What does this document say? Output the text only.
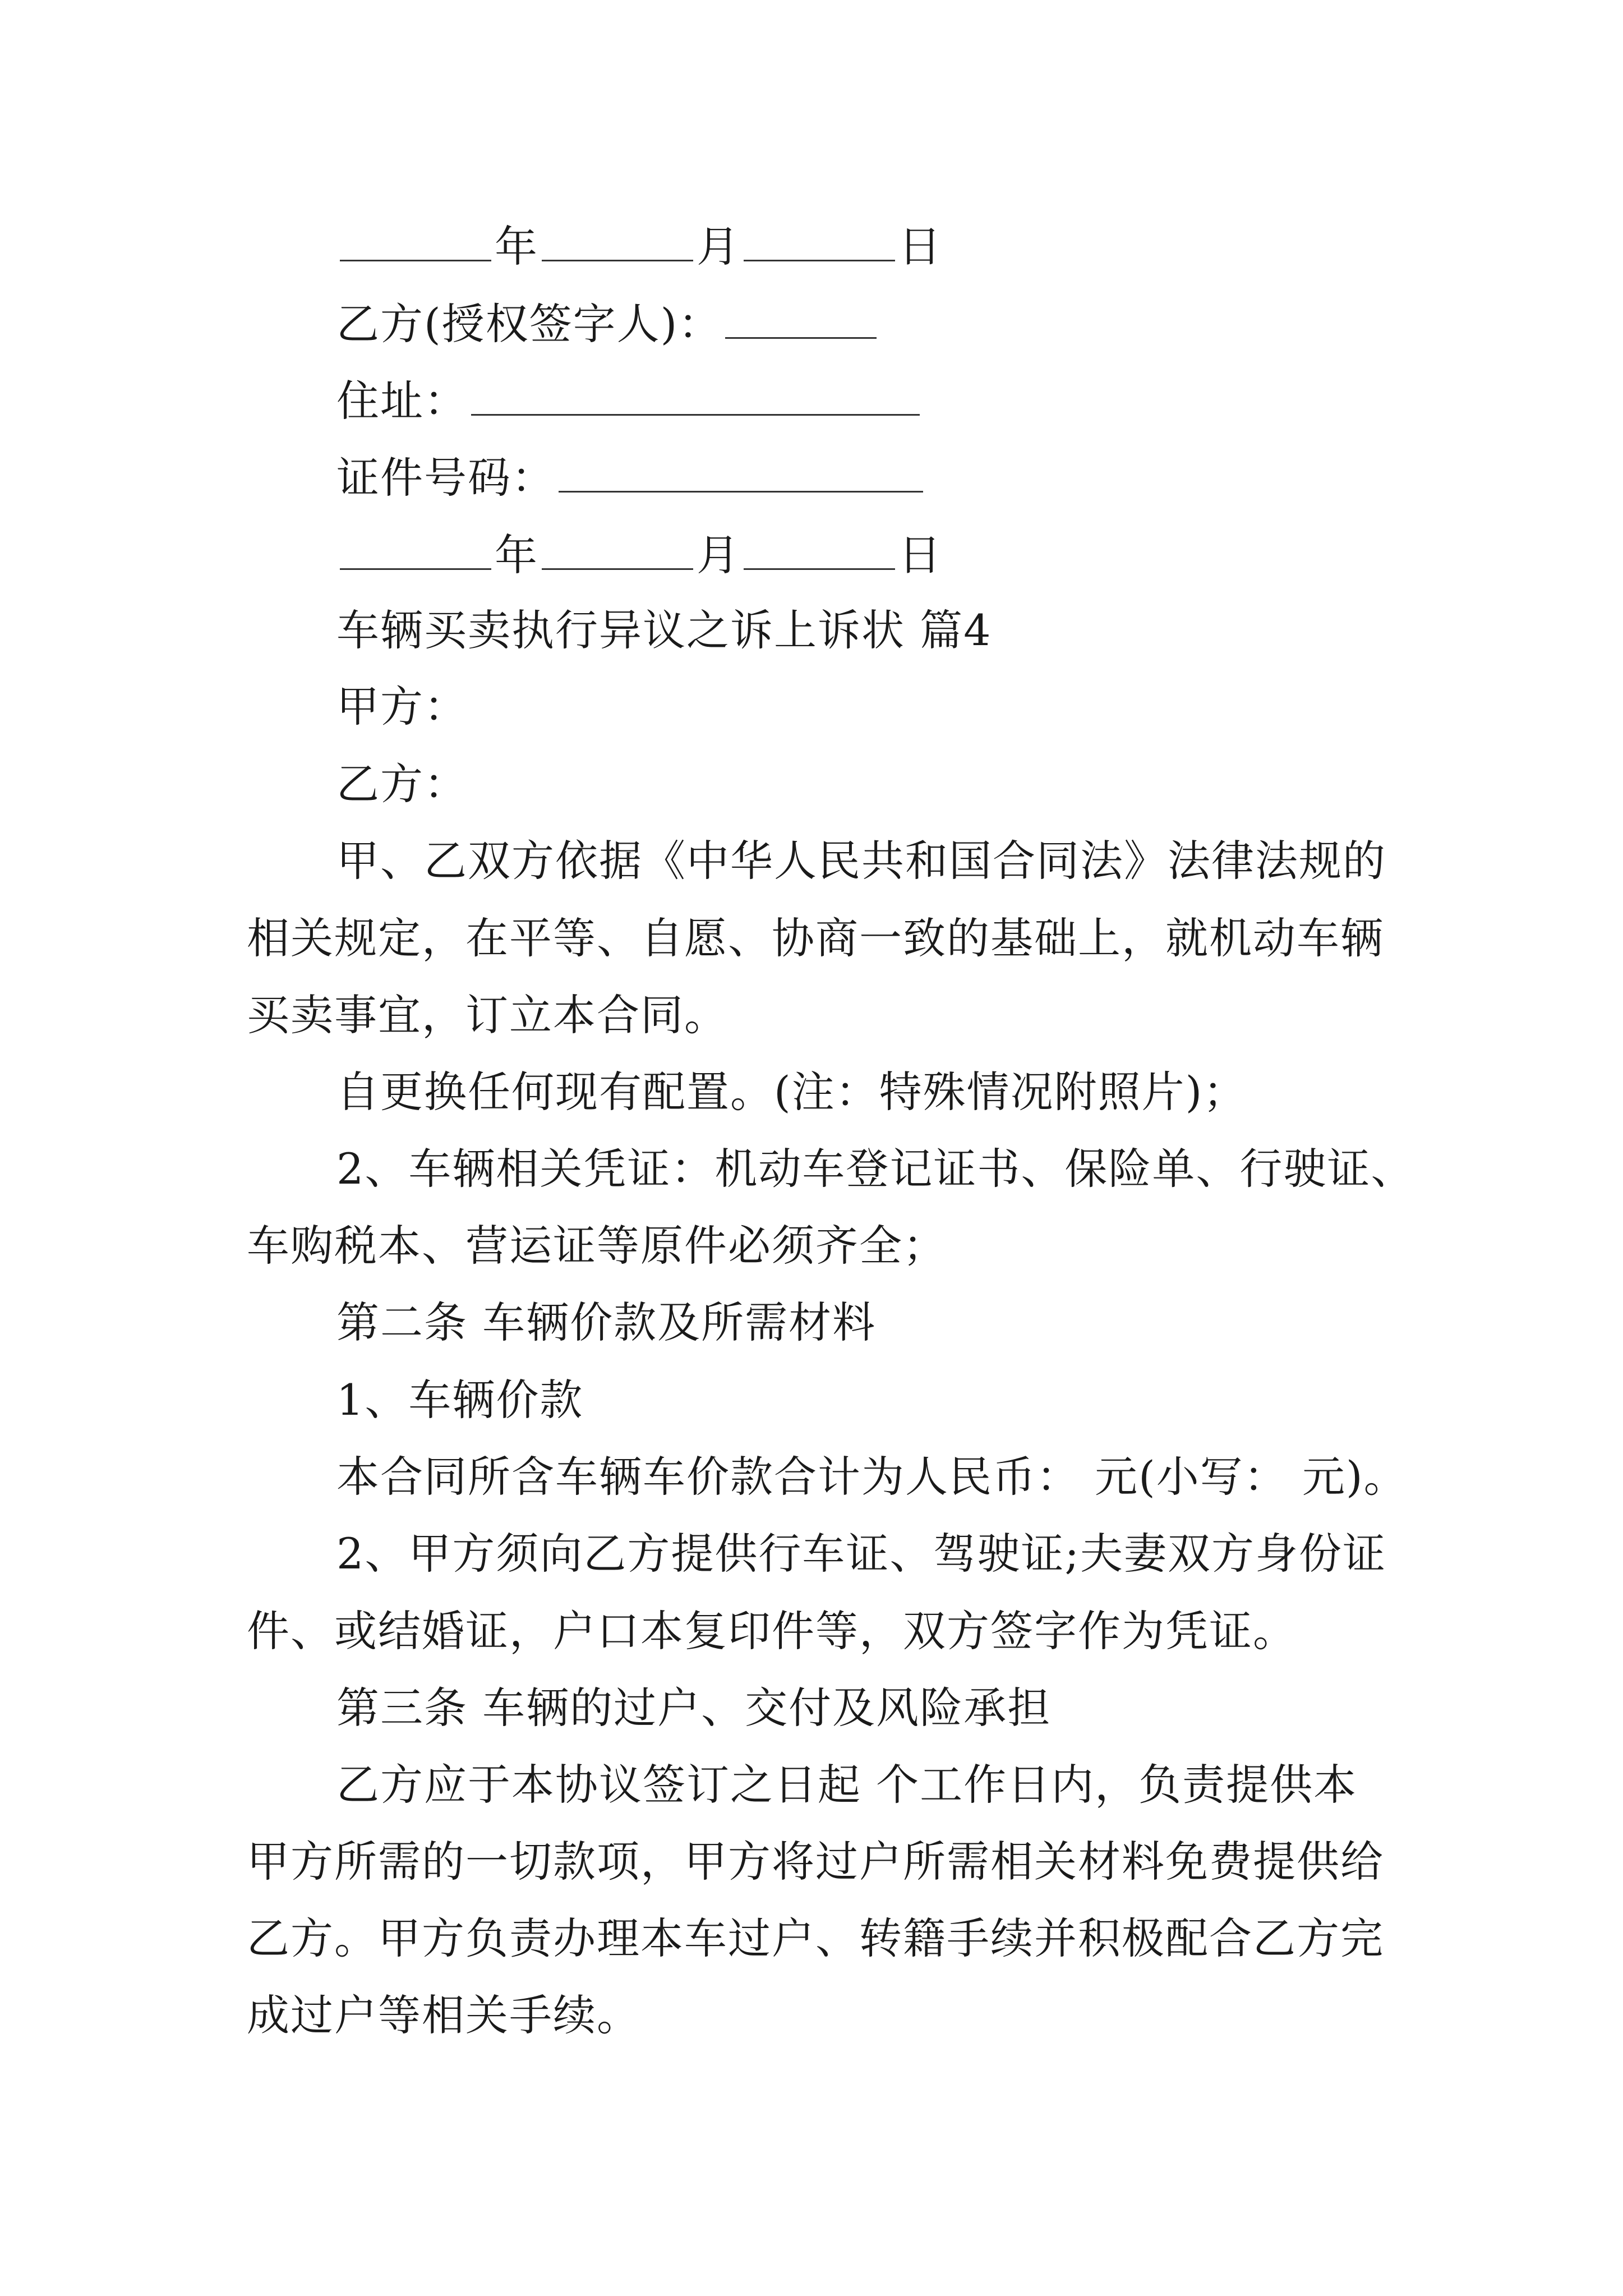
年	月	日
乙方(授权签字人)：
住址：
证件号码：
年	月	日
车辆买卖执行异议之诉上诉状 篇4
甲方：
乙方：
甲、乙双方依据《中华人民共和国合同法》法律法规的
相关规定，在平等、自愿、协商一致的基础上，就机动车辆
买卖事宜，订立本合同。
自更换任何现有配置。(注：特殊情况附照片)；
2、车辆相关凭证：机动车登记证书、保险单、行驶证、
车购税本、营运证等原件必须齐全；
第二条 车辆价款及所需材料
1、车辆价款
本合同所含车辆车价款合计为人民币： 元(小写： 元)。
2、甲方须向乙方提供行车证、驾驶证;夫妻双方身份证
件、或结婚证，户口本复印件等，双方签字作为凭证。
第三条 车辆的过户、交付及风险承担
乙方应于本协议签订之日起 个工作日内，负责提供本
甲方所需的一切款项，甲方将过户所需相关材料免费提供给
乙方。甲方负责办理本车过户、转籍手续并积极配合乙方完
成过户等相关手续。
